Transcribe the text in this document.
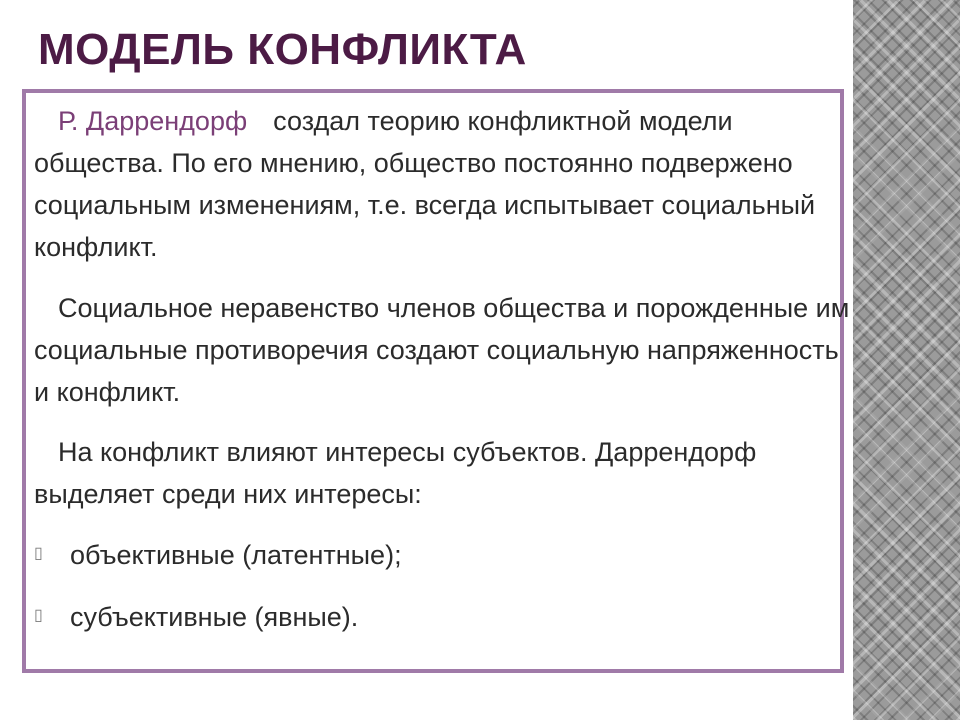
МОДЕЛЬ КОНФЛИКТА

Р. Даррендорф создал теорию конфликтной модели общества. По его мнению, общество постоянно подвержено социальным изменениям, т.е. всегда испытывает социальный конфликт.

Социальное неравенство членов общества и порожденные им социальные противоречия создают социальную напряженность и конфликт.

На конфликт влияют интересы субъектов. Даррендорф выделяет среди них интересы:

▯ объективные (латентные);
▯ субъективные (явные).
